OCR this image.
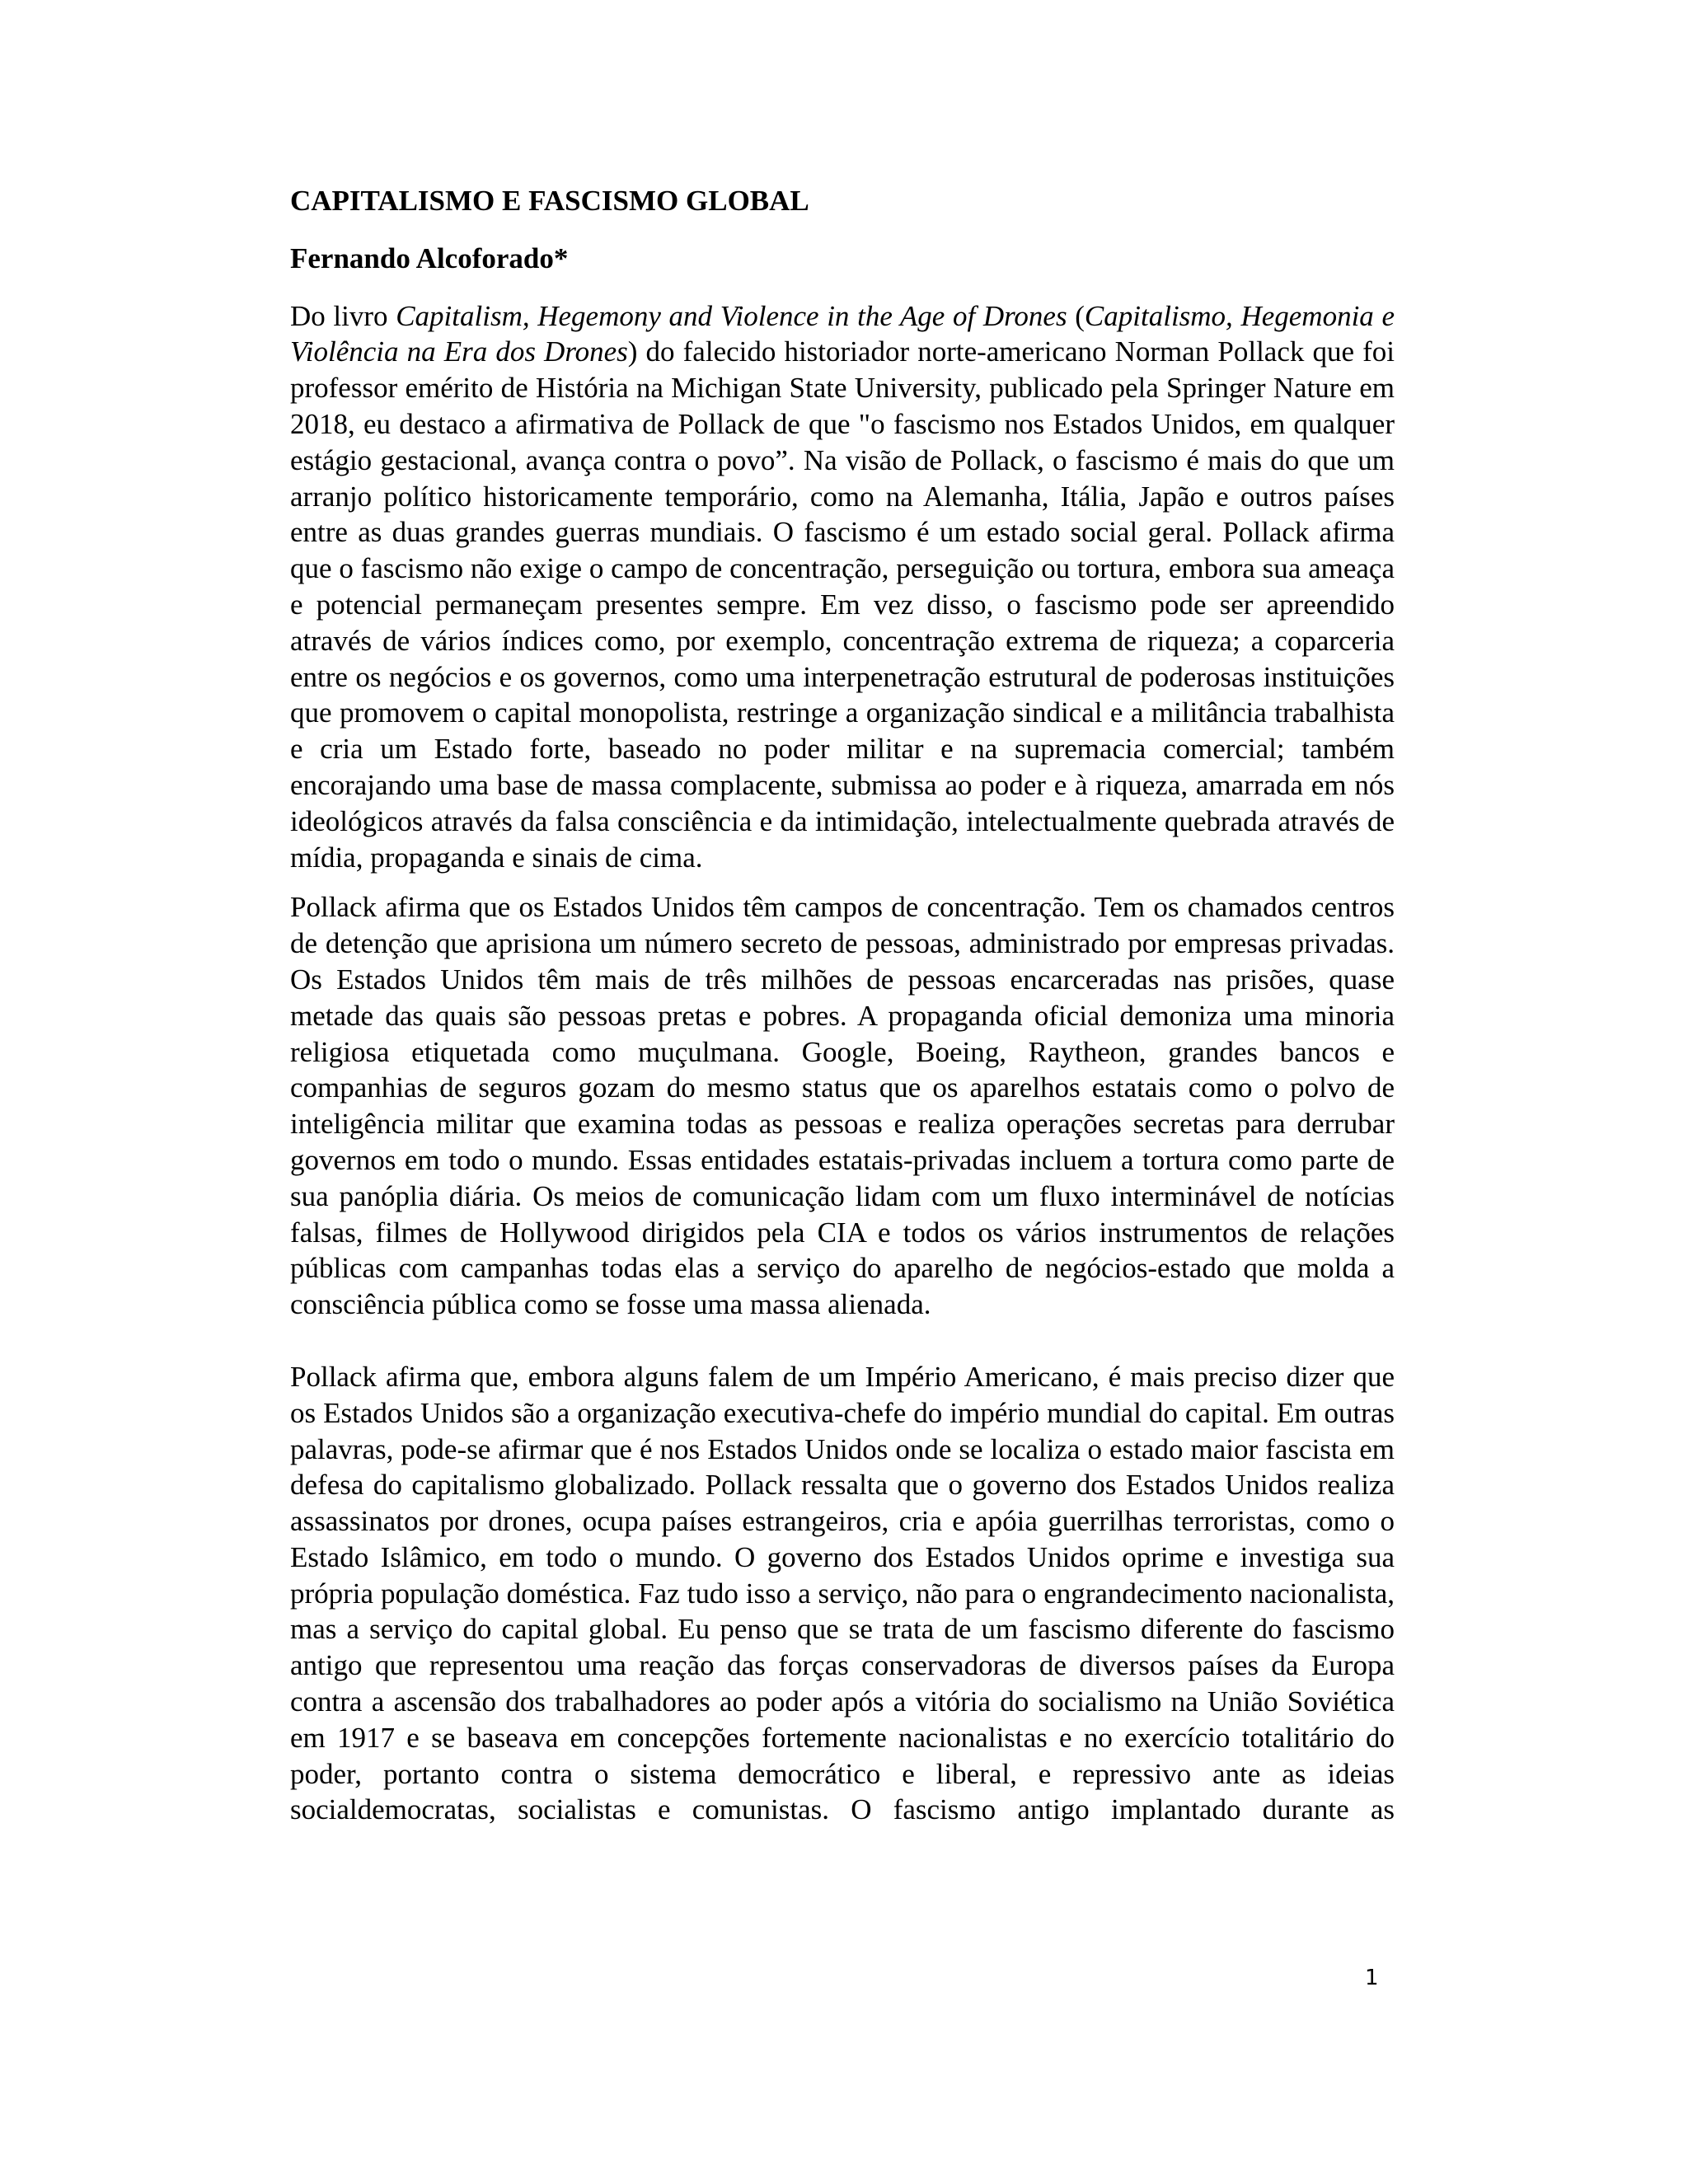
CAPITALISMO E FASCISMO GLOBAL
Fernando Alcoforado*

Do livro Capitalism, Hegemony and Violence in the Age of Drones (Capitalismo, Hegemonia e Violência na Era dos Drones) do falecido historiador norte-americano Norman Pollack que foi professor emérito de História na Michigan State University, publicado pela Springer Nature em 2018, eu destaco a afirmativa de Pollack de que "o fascismo nos Estados Unidos, em qualquer estágio gestacional, avança contra o povo”. Na visão de Pollack, o fascismo é mais do que um arranjo político historicamente temporário, como na Alemanha, Itália, Japão e outros países entre as duas grandes guerras mundiais. O fascismo é um estado social geral. Pollack afirma que o fascismo não exige o campo de concentração, perseguição ou tortura, embora sua ameaça e potencial permaneçam presentes sempre. Em vez disso, o fascismo pode ser apreendido através de vários índices como, por exemplo, concentração extrema de riqueza; a coparceria entre os negócios e os governos, como uma interpenetração estrutural de poderosas instituições que promovem o capital monopolista, restringe a organização sindical e a militância trabalhista e cria um Estado forte, baseado no poder militar e na supremacia comercial; também encorajando uma base de massa complacente, submissa ao poder e à riqueza, amarrada em nós ideológicos através da falsa consciência e da intimidação, intelectualmente quebrada através de mídia, propaganda e sinais de cima.

Pollack afirma que os Estados Unidos têm campos de concentração. Tem os chamados centros de detenção que aprisiona um número secreto de pessoas, administrado por empresas privadas. Os Estados Unidos têm mais de três milhões de pessoas encarceradas nas prisões, quase metade das quais são pessoas pretas e pobres. A propaganda oficial demoniza uma minoria religiosa etiquetada como muçulmana. Google, Boeing, Raytheon, grandes bancos e companhias de seguros gozam do mesmo status que os aparelhos estatais como o polvo de inteligência militar que examina todas as pessoas e realiza operações secretas para derrubar governos em todo o mundo. Essas entidades estatais-privadas incluem a tortura como parte de sua panóplia diária. Os meios de comunicação lidam com um fluxo interminável de notícias falsas, filmes de Hollywood dirigidos pela CIA e todos os vários instrumentos de relações públicas com campanhas todas elas a serviço do aparelho de negócios-estado que molda a consciência pública como se fosse uma massa alienada.

Pollack afirma que, embora alguns falem de um Império Americano, é mais preciso dizer que os Estados Unidos são a organização executiva-chefe do império mundial do capital. Em outras palavras, pode-se afirmar que é nos Estados Unidos onde se localiza o estado maior fascista em defesa do capitalismo globalizado. Pollack ressalta que o governo dos Estados Unidos realiza assassinatos por drones, ocupa países estrangeiros, cria e apóia guerrilhas terroristas, como o Estado Islâmico, em todo o mundo. O governo dos Estados Unidos oprime e investiga sua própria população doméstica. Faz tudo isso a serviço, não para o engrandecimento nacionalista, mas a serviço do capital global. Eu penso que se trata de um fascismo diferente do fascismo antigo que representou uma reação das forças conservadoras de diversos países da Europa contra a ascensão dos trabalhadores ao poder após a vitória do socialismo na União Soviética em 1917 e se baseava em concepções fortemente nacionalistas e no exercício totalitário do poder, portanto contra o sistema democrático e liberal, e repressivo ante as ideias socialdemocratas, socialistas e comunistas. O fascismo antigo implantado durante as

1
